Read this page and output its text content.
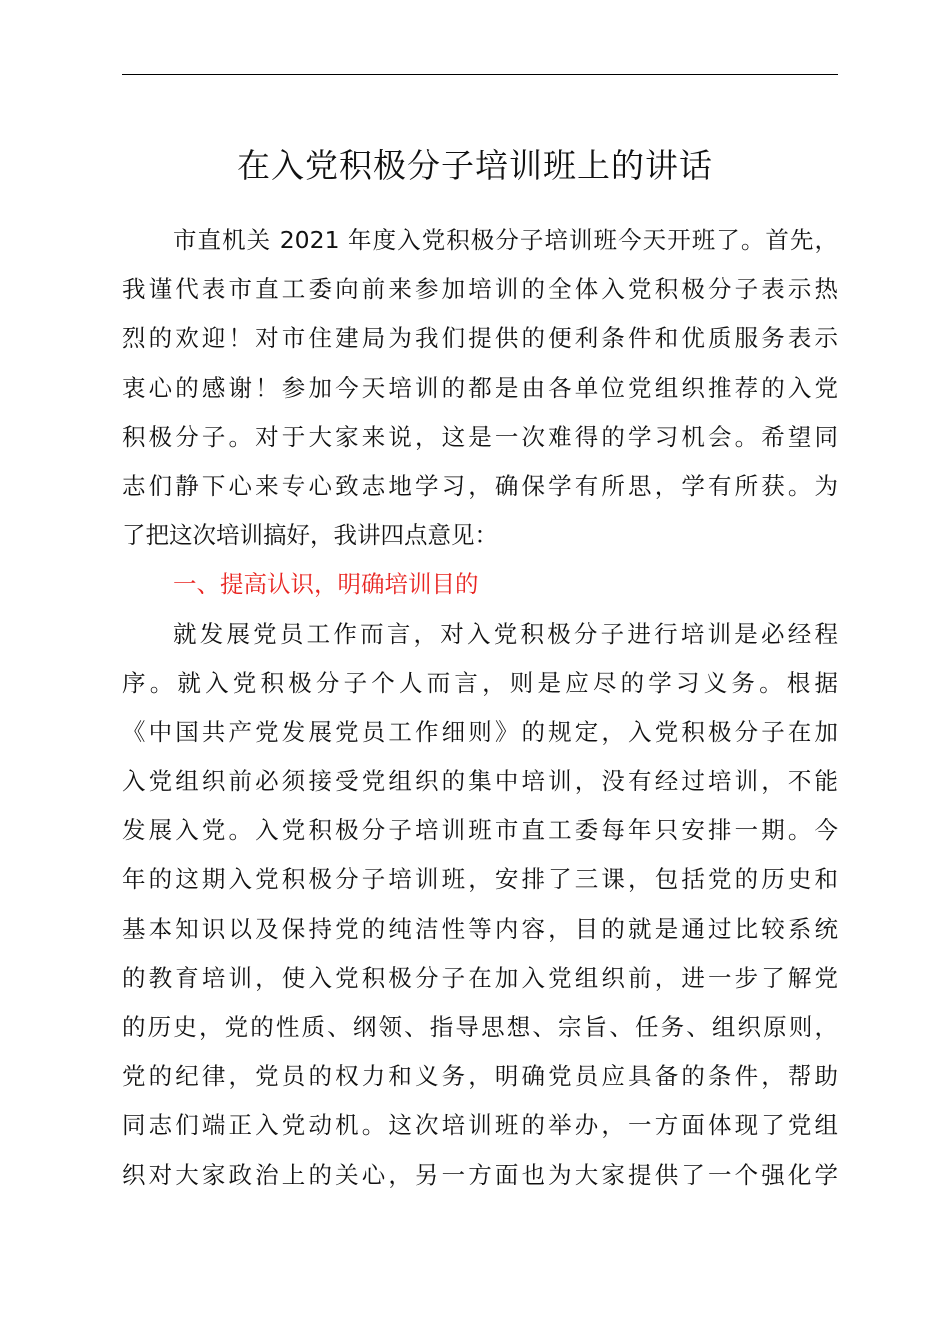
在入党积极分子培训班上的讲话
市直机关 2021 年度入党积极分子培训班今天开班了。首先，
我谨代表市直工委向前来参加培训的全体入党积极分子表示热
烈的欢迎！对市住建局为我们提供的便利条件和优质服务表示
衷心的感谢！参加今天培训的都是由各单位党组织推荐的入党
积极分子。对于大家来说，这是一次难得的学习机会。希望同
志们静下心来专心致志地学习，确保学有所思，学有所获。为
了把这次培训搞好，我讲四点意见：
一、提高认识，明确培训目的
就发展党员工作而言，对入党积极分子进行培训是必经程
序。就入党积极分子个人而言，则是应尽的学习义务。根据
《中国共产党发展党员工作细则》的规定，入党积极分子在加
入党组织前必须接受党组织的集中培训，没有经过培训，不能
发展入党。入党积极分子培训班市直工委每年只安排一期。今
年的这期入党积极分子培训班，安排了三课，包括党的历史和
基本知识以及保持党的纯洁性等内容，目的就是通过比较系统
的教育培训，使入党积极分子在加入党组织前，进一步了解党
的历史，党的性质、纲领、指导思想、宗旨、任务、组织原则，
党的纪律，党员的权力和义务，明确党员应具备的条件，帮助
同志们端正入党动机。这次培训班的举办，一方面体现了党组
织对大家政治上的关心，另一方面也为大家提供了一个强化学
